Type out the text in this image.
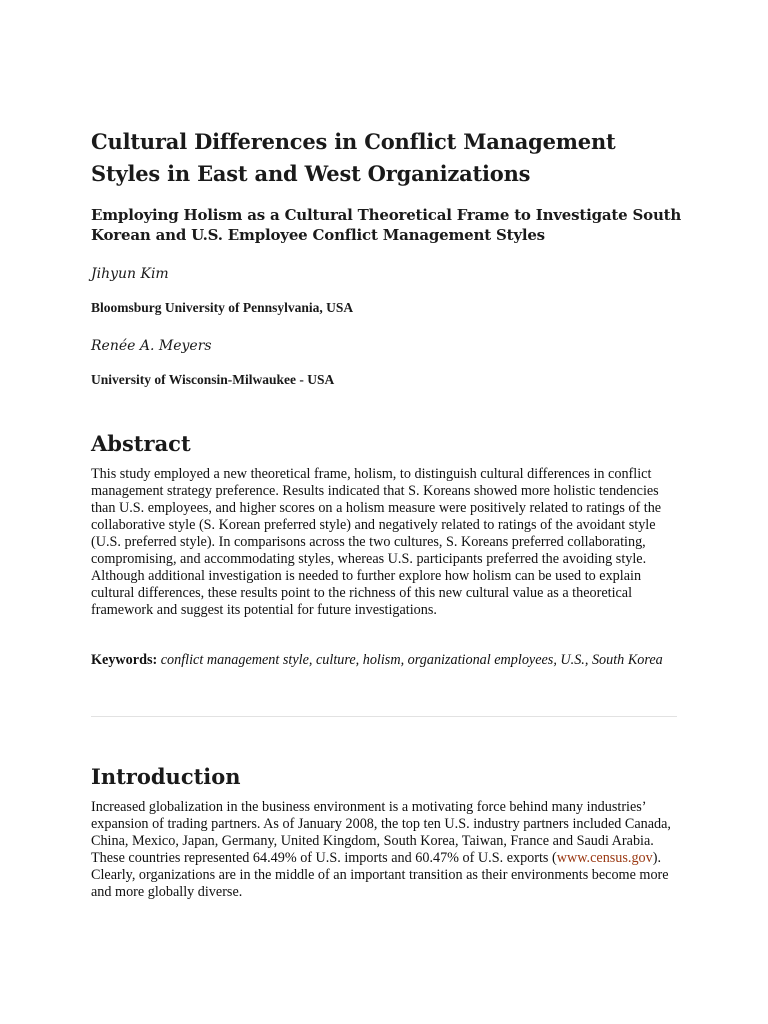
Cultural Differences in Conflict Management Styles in East and West Organizations
Employing Holism as a Cultural Theoretical Frame to Investigate South Korean and U.S. Employee Conflict Management Styles

Jihyun Kim

Bloomsburg University of Pennsylvania, USA

Renée A. Meyers

University of Wisconsin-Milwaukee - USA

Abstract

This study employed a new theoretical frame, holism, to distinguish cultural differences in conflict management strategy preference. Results indicated that S. Koreans showed more holistic tendencies than U.S. employees, and higher scores on a holism measure were positively related to ratings of the collaborative style (S. Korean preferred style) and negatively related to ratings of the avoidant style (U.S. preferred style). In comparisons across the two cultures, S. Koreans preferred collaborating, compromising, and accommodating styles, whereas U.S. participants preferred the avoiding style. Although additional investigation is needed to further explore how holism can be used to explain cultural differences, these results point to the richness of this new cultural value as a theoretical framework and suggest its potential for future investigations.

Keywords: conflict management style, culture, holism, organizational employees, U.S., South Korea

Introduction

Increased globalization in the business environment is a motivating force behind many industries’ expansion of trading partners. As of January 2008, the top ten U.S. industry partners included Canada, China, Mexico, Japan, Germany, United Kingdom, South Korea, Taiwan, France and Saudi Arabia. These countries represented 64.49% of U.S. imports and 60.47% of U.S. exports (www.census.gov). Clearly, organizations are in the middle of an important transition as their environments become more and more globally diverse.
